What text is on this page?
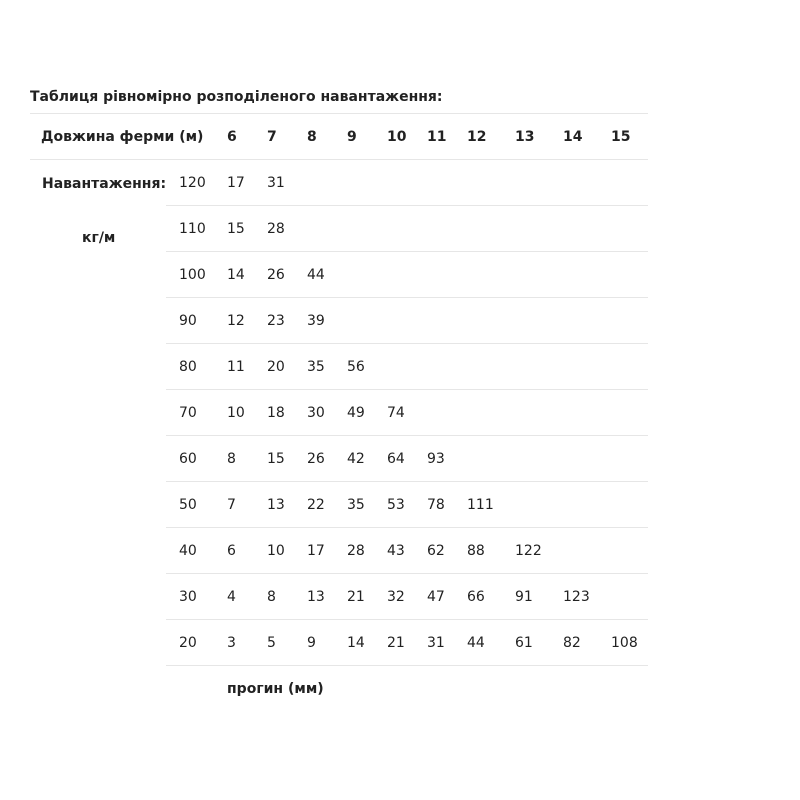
Таблиця рівномірно розподіленого навантаження:
Довжина ферми (м) 6 7 8 9 10 11 12 13 14 15
Навантаження:
кг/м
120 17 31
110 15 28
100 14 26 44
90 12 23 39
80 11 20 35 56
70 10 18 30 49 74
60 8 15 26 42 64 93
50 7 13 22 35 53 78 111
40 6 10 17 28 43 62 88 122
30 4 8 13 21 32 47 66 91 123
20 3 5 9 14 21 31 44 61 82 108
прогин (мм)
